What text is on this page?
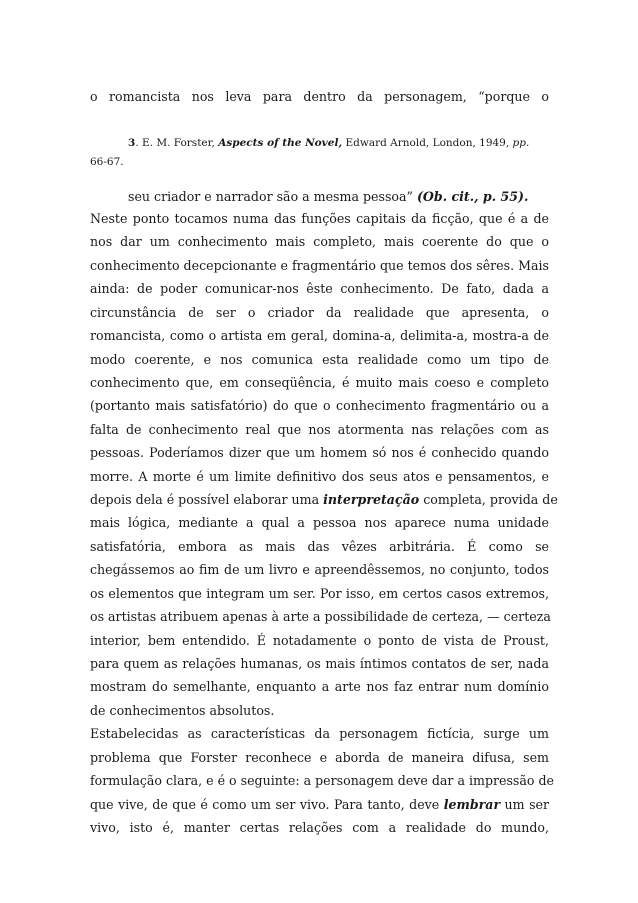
o romancista nos leva para dentro da personagem, “porque o
3. E. M. Forster, Aspects of the Novel, Edward Arnold, London, 1949, pp.
66-67.
seu criador e narrador são a mesma pessoa” (Ob. cit., p. 55).
Neste ponto tocamos numa das funções capitais da ficção, que é a de
nos dar um conhecimento mais completo, mais coerente do que o
conhecimento decepcionante e fragmentário que temos dos sêres. Mais
ainda: de poder comunicar-nos êste conhecimento. De fato, dada a
circunstância de ser o criador da realidade que apresenta, o
romancista, como o artista em geral, domina-a, delimita-a, mostra-a de
modo coerente, e nos comunica esta realidade como um tipo de
conhecimento que, em conseqüência, é muito mais coeso e completo
(portanto mais satisfatório) do que o conhecimento fragmentário ou a
falta de conhecimento real que nos atormenta nas relações com as
pessoas. Poderíamos dizer que um homem só nos é conhecido quando
morre. A morte é um limite definitivo dos seus atos e pensamentos, e
depois dela é possível elaborar uma interpretação completa, provida de
mais lógica, mediante a qual a pessoa nos aparece numa unidade
satisfatória, embora as mais das vêzes arbitrária. É como se
chegássemos ao fim de um livro e apreendêssemos, no conjunto, todos
os elementos que integram um ser. Por isso, em certos casos extremos,
os artistas atribuem apenas à arte a possibilidade de certeza, — certeza
interior, bem entendido. É notadamente o ponto de vista de Proust,
para quem as relações humanas, os mais íntimos contatos de ser, nada
mostram do semelhante, enquanto a arte nos faz entrar num domínio
de conhecimentos absolutos.
Estabelecidas as características da personagem fictícia, surge um
problema que Forster reconhece e aborda de maneira difusa, sem
formulação clara, e é o seguinte: a personagem deve dar a impressão de
que vive, de que é como um ser vivo. Para tanto, deve lembrar um ser
vivo, isto é, manter certas relações com a realidade do mundo,
